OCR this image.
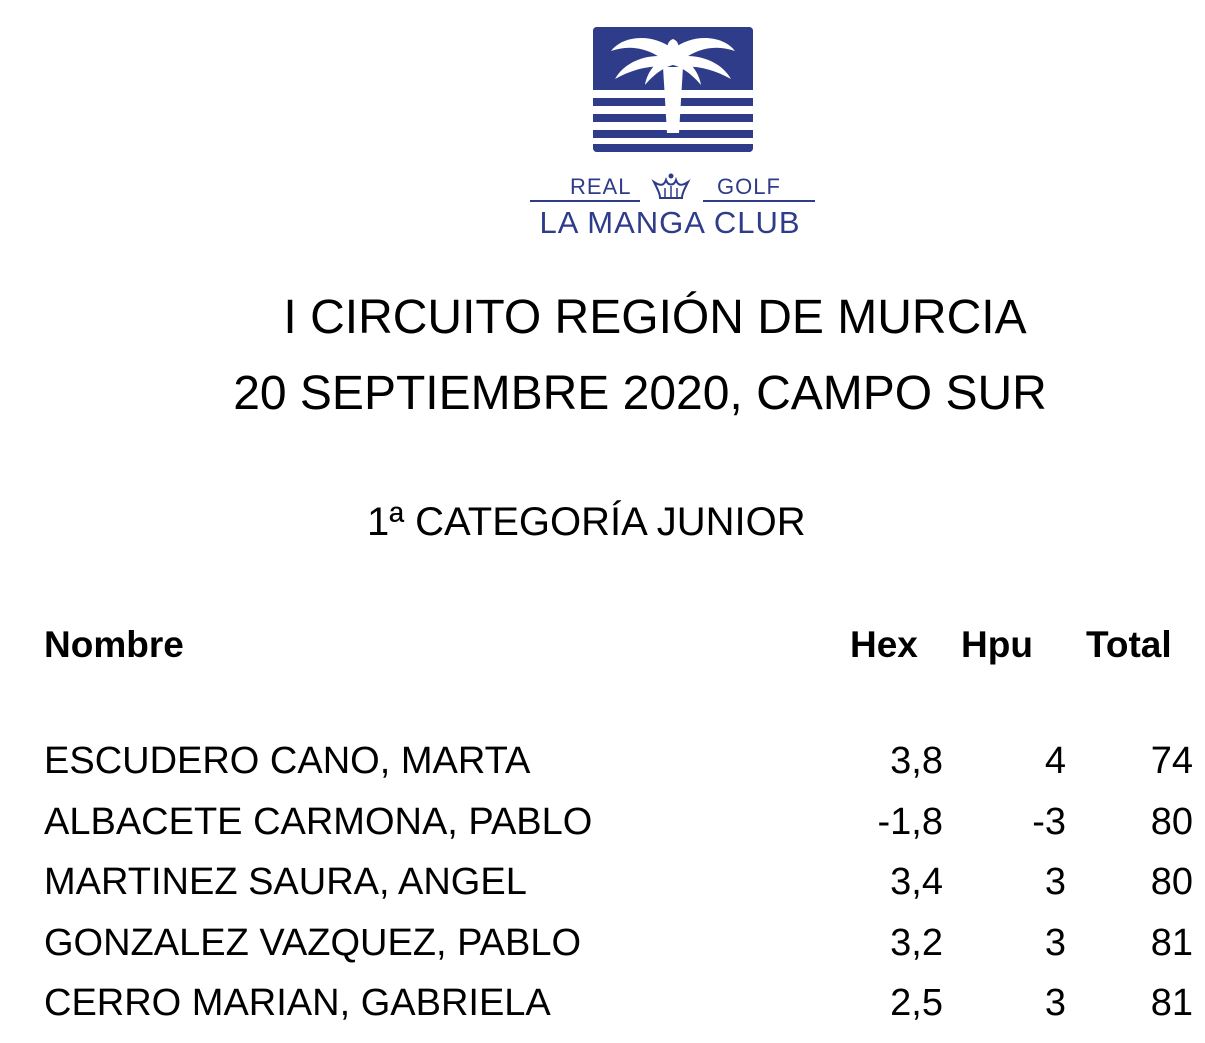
REAL	GOLF
LA MANGA CLUB
I CIRCUITO REGIÓN DE MURCIA
20 SEPTIEMBRE 2020, CAMPO SUR
1ª CATEGORÍA JUNIOR
Nombre	Hex Hpu Total
ESCUDERO CANO, MARTA	3,8	4 74
ALBACETE CARMONA, PABLO	-1,8 -3 80
MARTINEZ SAURA, ANGEL	3,4	3 80
GONZALEZ VAZQUEZ, PABLO	3,2	3 81
CERRO MARIAN, GABRIELA	2,5	3 81
